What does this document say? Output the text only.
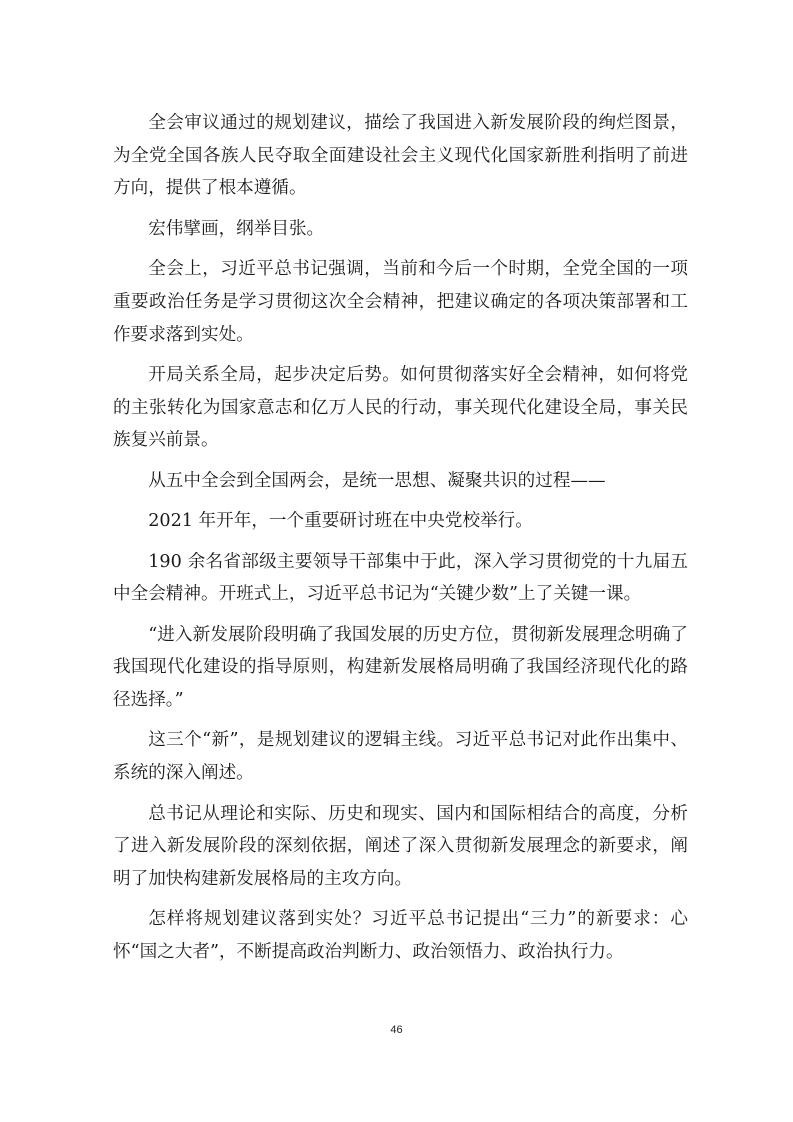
全会审议通过的规划建议，描绘了我国进入新发展阶段的绚烂图景，为全党全国各族人民夺取全面建设社会主义现代化国家新胜利指明了前进方向，提供了根本遵循。

宏伟擘画，纲举目张。

全会上，习近平总书记强调，当前和今后一个时期，全党全国的一项重要政治任务是学习贯彻这次全会精神，把建议确定的各项决策部署和工作要求落到实处。

开局关系全局，起步决定后势。如何贯彻落实好全会精神，如何将党的主张转化为国家意志和亿万人民的行动，事关现代化建设全局，事关民族复兴前景。

从五中全会到全国两会，是统一思想、凝聚共识的过程——

2021 年开年，一个重要研讨班在中央党校举行。

190 余名省部级主要领导干部集中于此，深入学习贯彻党的十九届五中全会精神。开班式上，习近平总书记为“关键少数”上了关键一课。

“进入新发展阶段明确了我国发展的历史方位，贯彻新发展理念明确了我国现代化建设的指导原则，构建新发展格局明确了我国经济现代化的路径选择。”

这三个“新”，是规划建议的逻辑主线。习近平总书记对此作出集中、系统的深入阐述。

总书记从理论和实际、历史和现实、国内和国际相结合的高度，分析了进入新发展阶段的深刻依据，阐述了深入贯彻新发展理念的新要求，阐明了加快构建新发展格局的主攻方向。

怎样将规划建议落到实处？习近平总书记提出“三力”的新要求：心怀“国之大者”，不断提高政治判断力、政治领悟力、政治执行力。

46
